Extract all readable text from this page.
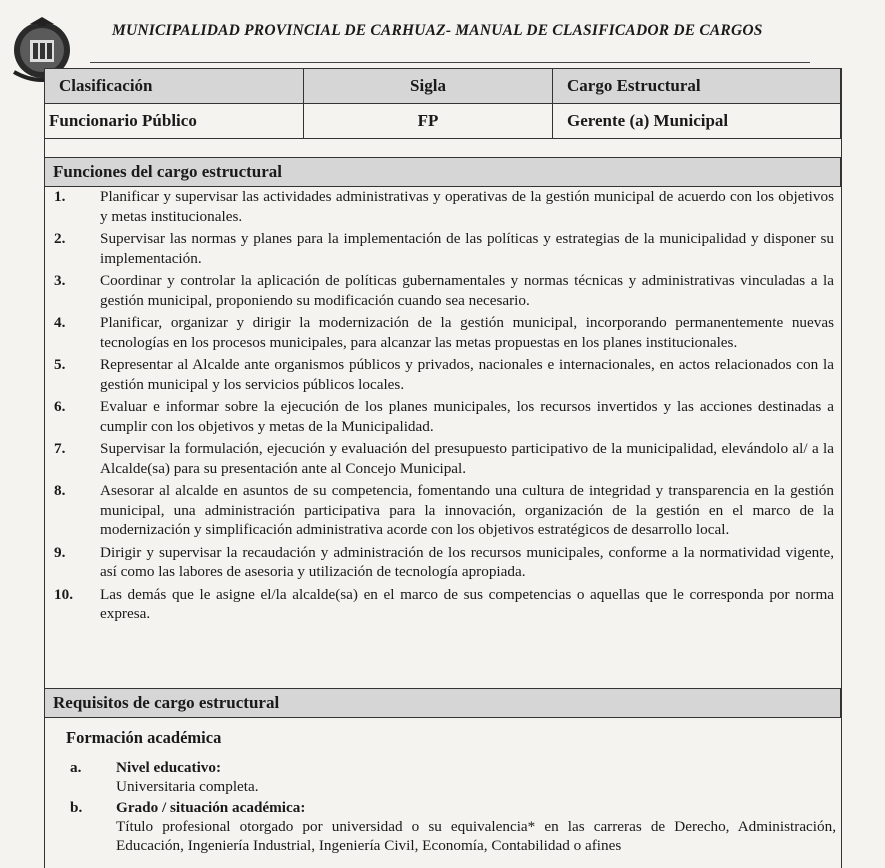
MUNICIPALIDAD PROVINCIAL DE CARHUAZ- MANUAL DE CLASIFICADOR DE CARGOS
Clasificación	Sigla	Cargo Estructural
Funcionario Público	FP	Gerente (a) Municipal
Funciones del cargo estructural
1.	Planificar y supervisar las actividades administrativas y operativas de la gestión municipal de acuerdo con los objetivos y metas institucionales.
2.	Supervisar las normas y planes para la implementación de las políticas y estrategias de la municipalidad y disponer su implementación.
3.	Coordinar y controlar la aplicación de políticas gubernamentales y normas técnicas y administrativas vinculadas a la gestión municipal, proponiendo su modificación cuando sea necesario.
4.	Planificar, organizar y dirigir la modernización de la gestión municipal, incorporando permanentemente nuevas tecnologías en los procesos municipales, para alcanzar las metas propuestas en los planes institucionales.
5.	Representar al Alcalde ante organismos públicos y privados, nacionales e internacionales, en actos relacionados con la gestión municipal y los servicios públicos locales.
6.	Evaluar e informar sobre la ejecución de los planes municipales, los recursos invertidos y las acciones destinadas a cumplir con los objetivos y metas de la Municipalidad.
7.	Supervisar la formulación, ejecución y evaluación del presupuesto participativo de la municipalidad, elevándolo al/ a la Alcalde(sa) para su presentación ante al Concejo Municipal.
8.	Asesorar al alcalde en asuntos de su competencia, fomentando una cultura de integridad y transparencia en la gestión municipal, una administración participativa para la innovación, organización de la gestión en el marco de la modernización y simplificación administrativa acorde con los objetivos estratégicos de desarrollo local.
9.	Dirigir y supervisar la recaudación y administración de los recursos municipales, conforme a la normatividad vigente, así como las labores de asesoria y utilización de tecnología apropiada.
10.	Las demás que le asigne el/la alcalde(sa) en el marco de sus competencias o aquellas que le corresponda por norma expresa.
Requisitos de cargo estructural
Formación académica
a. Nivel educativo:
Universitaria completa.
b. Grado / situación académica:
Título profesional otorgado por universidad o su equivalencia* en las carreras de Derecho, Administración, Educación, Ingeniería Industrial, Ingeniería Civil, Economía, Contabilidad o afines
